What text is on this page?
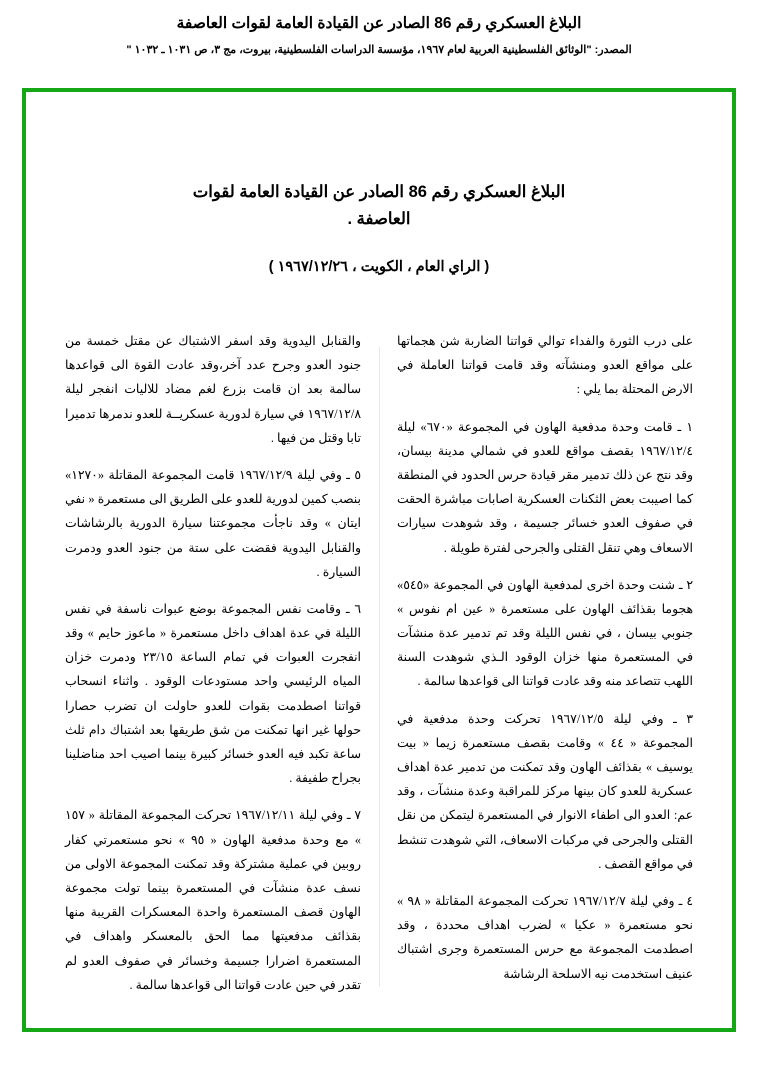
البلاغ العسكري رقم 86 الصادر عن القيادة العامة لقوات العاصفة
المصدر: "الوثائق الفلسطينية العربية لعام ١٩٦٧، مؤسسة الدراسات الفلسطينية، بيروت، مج ٣، ص ١٠٣١ ـ ١٠٣٢ "
البلاغ العسكري رقم 86 الصادر عن القيادة العامة لقوات العاصفة .
( الراي العام ، الكويت ، ١٩٦٧/١٢/٢٦ )

على درب الثورة والفداء توالي قواتنا الضاربة شن هجماتها على مواقع العدو ومنشآته وقد قامت قواتنا العاملة في الارض المحتلة بما يلي :

١ ـ قامت وحدة مدفعية الهاون في المجموعة «٦٧٠» ليلة ١٩٦٧/١٢/٤ بقصف مواقع للعدو في شمالي مدينة بيسان، وقد نتج عن ذلك تدمير مقر قيادة حرس الحدود في المنطقة كما اصيبت بعض الثكنات العسكرية اصابات مباشرة الحقت في صفوف العدو خسائر جسيمة ، وقد شوهدت سيارات الاسعاف وهي تنقل القتلى والجرحى لفترة طويلة .

٢ ـ شنت وحدة اخرى لمدفعية الهاون في المجموعة «٥٤٥» هجوما بقذائف الهاون على مستعمرة « عين ام نفوس » جنوبي بيسان ، في نفس الليلة وقد تم تدمير عدة منشآت في المستعمرة منها خزان الوقود الـذي شوهدت السنة اللهب تتصاعد منه وقد عادت قواتنا الى قواعدها سالمة .

٣ ـ وفي ليلة ١٩٦٧/١٢/٥ تحركت وحدة مدفعية في المجموعة « ٤٤ » وقامت بقصف مستعمرة زيما « بيت يوسيف » بقذائف الهاون وقد تمكنت من تدمير عدة اهداف عسكرية للعدو كان بينها مركز للمراقبة وعدة منشآت ، وقد عم: العدو الى اطفاء الانوار في المستعمرة ليتمكن من نقل القتلى والجرحى في مركبات الاسعاف، التي شوهدت تنشط في مواقع القصف .

٤ ـ وفي ليلة ١٩٦٧/١٢/٧ تحركت المجموعة المقاتلة « ٩٨ » نحو مستعمرة « عكيا » لضرب اهداف محددة ، وقد اصطدمت المجموعة مع حرس المستعمرة وجرى اشتباك عنيف استخدمت نيه الاسلحة الرشاشة

والقنابل اليدوية وقد اسفر الاشتباك عن مقتل خمسة من جنود العدو وجرح عدد آخر،وقد عادت القوة الى قواعدها سالمة بعد ان قامت بزرع لغم مضاد للاليات انفجر ليلة ١٩٦٧/١٢/٨ في سيارة لدورية عسكريــة للعدو ندمرها تدميرا تابا وقتل من فيها .

٥ ـ وفي ليلة ١٩٦٧/١٢/٩ قامت المجموعة المقاتلة «١٢٧٠» بنصب كمين لدورية للعدو على الطريق الى مستعمرة « نفي ايتان » وقد ناجأت مجموعتنا سيارة الدورية بالرشاشات والقنابل اليدوية فقضت على ستة من جنود العدو ودمرت السيارة .

٦ ـ وقامت نفس المجموعة بوضع عبوات ناسفة في نفس الليلة في عدة اهداف داخل مستعمرة « ماعوز حايم » وقد انفجرت العبوات في تمام الساعة ٢٣/١٥ ودمرت خزان المياه الرئيسي واحد مستودعات الوقود . واثناء انسحاب قواتنا اصطدمت بقوات للعدو حاولت ان تضرب حصارا حولها غير انها تمكنت من شق طريقها بعد اشتباك دام ثلث ساعة تكبد فيه العدو خسائر كبيرة بينما اصيب احد مناضلينا بجراح طفيفة .

٧ ـ وفي ليلة ١٩٦٧/١٢/١١ تحركت المجموعة المقاتلة « ١٥٧ » مع وحدة مدفعية الهاون « ٩٥ » نحو مستعمرتي كفار روبين في عملية مشتركة وقد تمكنت المجموعة الاولى من نسف عدة منشآت في المستعمرة بينما تولت مجموعة الهاون قصف المستعمرة واحدة المعسكرات القريبة منها بقذائف مدفعيتها مما الحق بالمعسكر واهداف في المستعمرة اضرارا جسيمة وخسائر في صفوف العدو لم تقدر في حين عادت قواتنا الى قواعدها سالمة .
